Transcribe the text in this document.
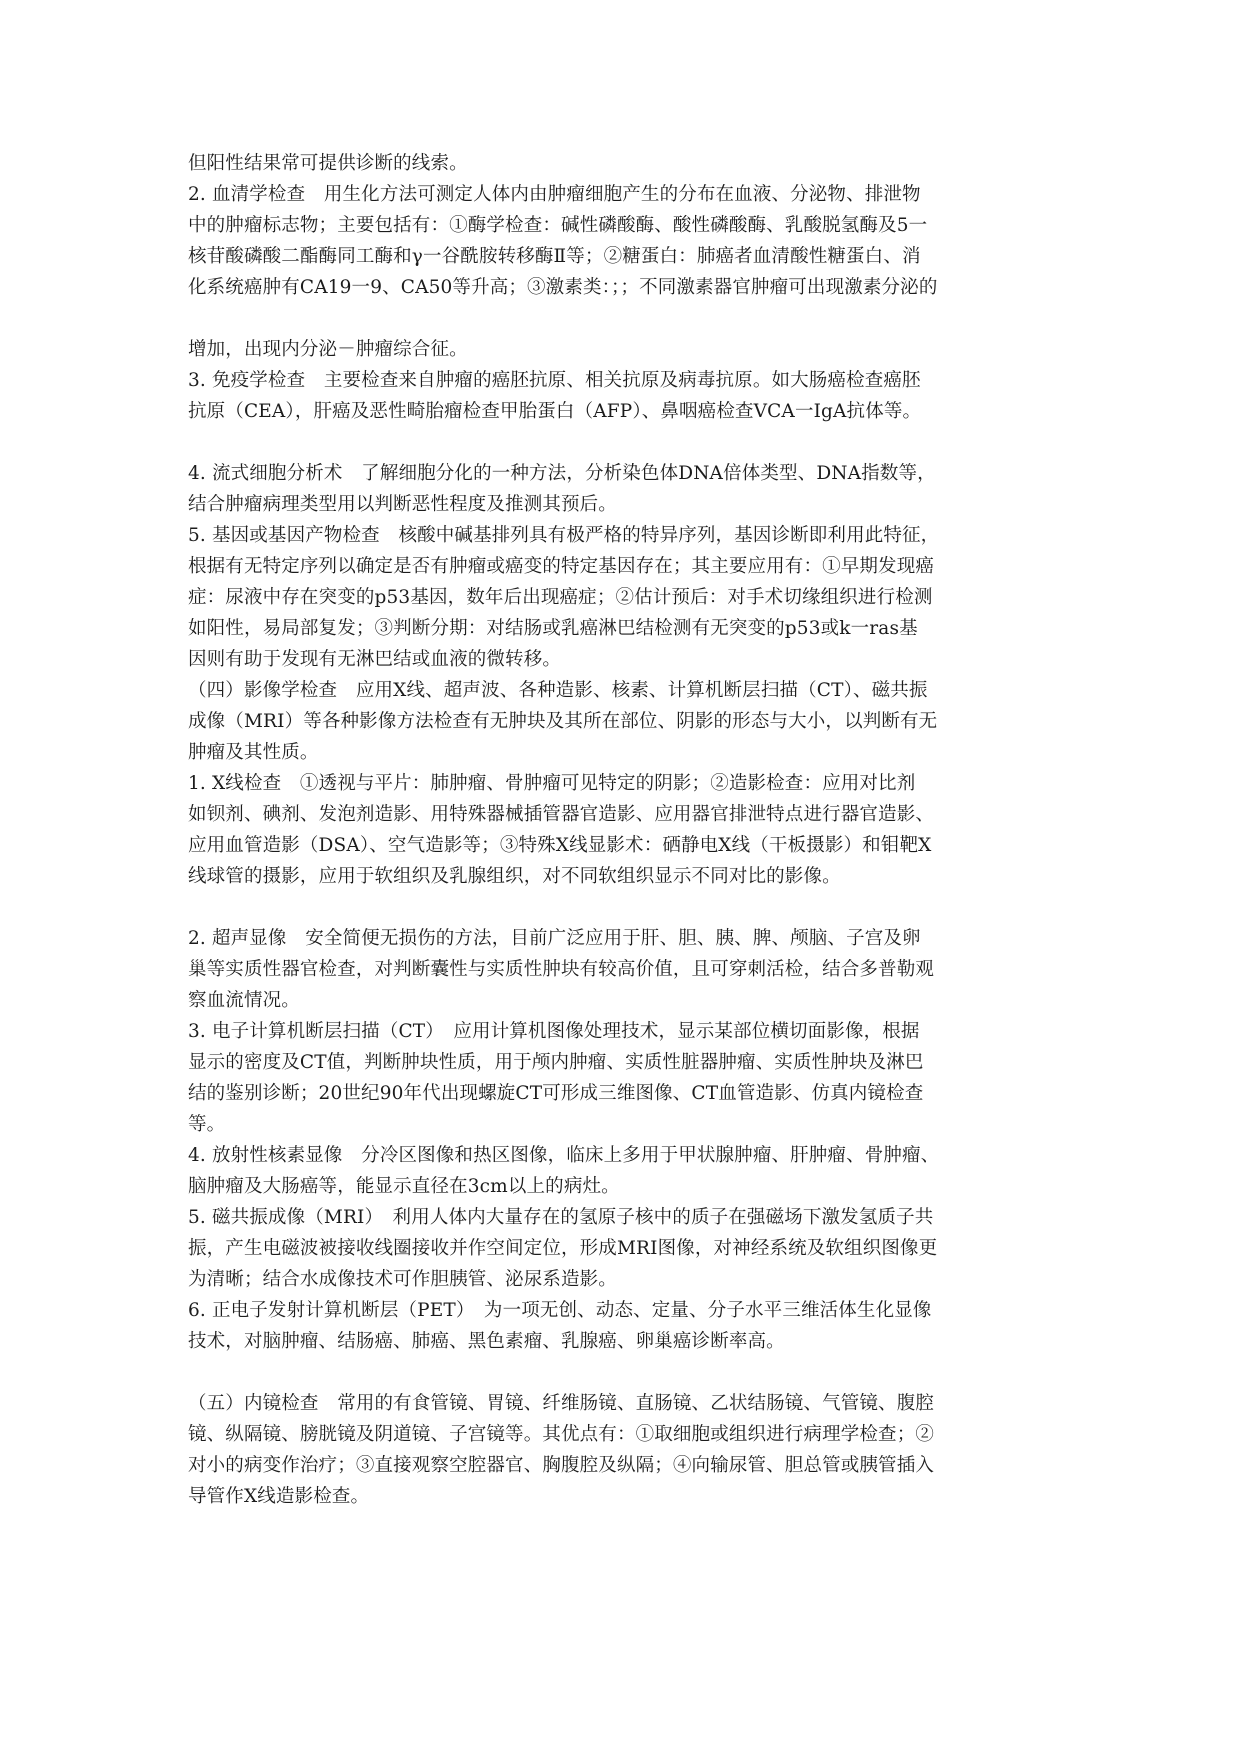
但阳性结果常可提供诊断的线索。
2. 血清学检查　用生化方法可测定人体内由肿瘤细胞产生的分布在血液、分泌物、排泄物
中的肿瘤标志物；主要包括有：①酶学检查：碱性磷酸酶、酸性磷酸酶、乳酸脱氢酶及5一
核苷酸磷酸二酯酶同工酶和γ一谷酰胺转移酶Ⅱ等；②糖蛋白：肺癌者血清酸性糖蛋白、消
化系统癌肿有CA19一9、CA50等升高；③激素类：；；不同激素器官肿瘤可出现激素分泌的
增加，出现内分泌－肿瘤综合征。
3. 免疫学检查　主要检查来自肿瘤的癌胚抗原、相关抗原及病毒抗原。如大肠癌检查癌胚
抗原（CEA），肝癌及恶性畸胎瘤检查甲胎蛋白（AFP）、鼻咽癌检查VCA一IgA抗体等。
4. 流式细胞分析术　了解细胞分化的一种方法，分析染色体DNA倍体类型、DNA指数等，
结合肿瘤病理类型用以判断恶性程度及推测其预后。
5. 基因或基因产物检查　核酸中碱基排列具有极严格的特异序列，基因诊断即利用此特征，
根据有无特定序列以确定是否有肿瘤或癌变的特定基因存在；其主要应用有：①早期发现癌
症：尿液中存在突变的p53基因，数年后出现癌症；②估计预后：对手术切缘组织进行检测
如阳性，易局部复发；③判断分期：对结肠或乳癌淋巴结检测有无突变的p53或k一ras基
因则有助于发现有无淋巴结或血液的微转移。
（四）影像学检查　应用X线、超声波、各种造影、核素、计算机断层扫描（CT）、磁共振
成像（MRI）等各种影像方法检查有无肿块及其所在部位、阴影的形态与大小，以判断有无
肿瘤及其性质。
1. X线检查　①透视与平片：肺肿瘤、骨肿瘤可见特定的阴影；②造影检查：应用对比剂
如钡剂、碘剂、发泡剂造影、用特殊器械插管器官造影、应用器官排泄特点进行器官造影、
应用血管造影（DSA）、空气造影等；③特殊X线显影术：硒静电X线（干板摄影）和钼靶X
线球管的摄影，应用于软组织及乳腺组织，对不同软组织显示不同对比的影像。
2. 超声显像　安全简便无损伤的方法，目前广泛应用于肝、胆、胰、脾、颅脑、子宫及卵
巢等实质性器官检查，对判断囊性与实质性肿块有较高价值，且可穿刺活检，结合多普勒观
察血流情况。
3. 电子计算机断层扫描（CT）　应用计算机图像处理技术，显示某部位横切面影像，根据
显示的密度及CT值，判断肿块性质，用于颅内肿瘤、实质性脏器肿瘤、实质性肿块及淋巴
结的鉴别诊断；20世纪90年代出现螺旋CT可形成三维图像、CT血管造影、仿真内镜检查
等。
4. 放射性核素显像　分冷区图像和热区图像，临床上多用于甲状腺肿瘤、肝肿瘤、骨肿瘤、
脑肿瘤及大肠癌等，能显示直径在3cm以上的病灶。
5. 磁共振成像（MRI）　利用人体内大量存在的氢原子核中的质子在强磁场下激发氢质子共
振，产生电磁波被接收线圈接收并作空间定位，形成MRI图像，对神经系统及软组织图像更
为清晰；结合水成像技术可作胆胰管、泌尿系造影。
6. 正电子发射计算机断层（PET）　为一项无创、动态、定量、分子水平三维活体生化显像
技术，对脑肿瘤、结肠癌、肺癌、黑色素瘤、乳腺癌、卵巢癌诊断率高。
（五）内镜检查　常用的有食管镜、胃镜、纤维肠镜、直肠镜、乙状结肠镜、气管镜、腹腔
镜、纵隔镜、膀胱镜及阴道镜、子宫镜等。其优点有：①取细胞或组织进行病理学检查；②
对小的病变作治疗；③直接观察空腔器官、胸腹腔及纵隔；④向输尿管、胆总管或胰管插入
导管作X线造影检查。
